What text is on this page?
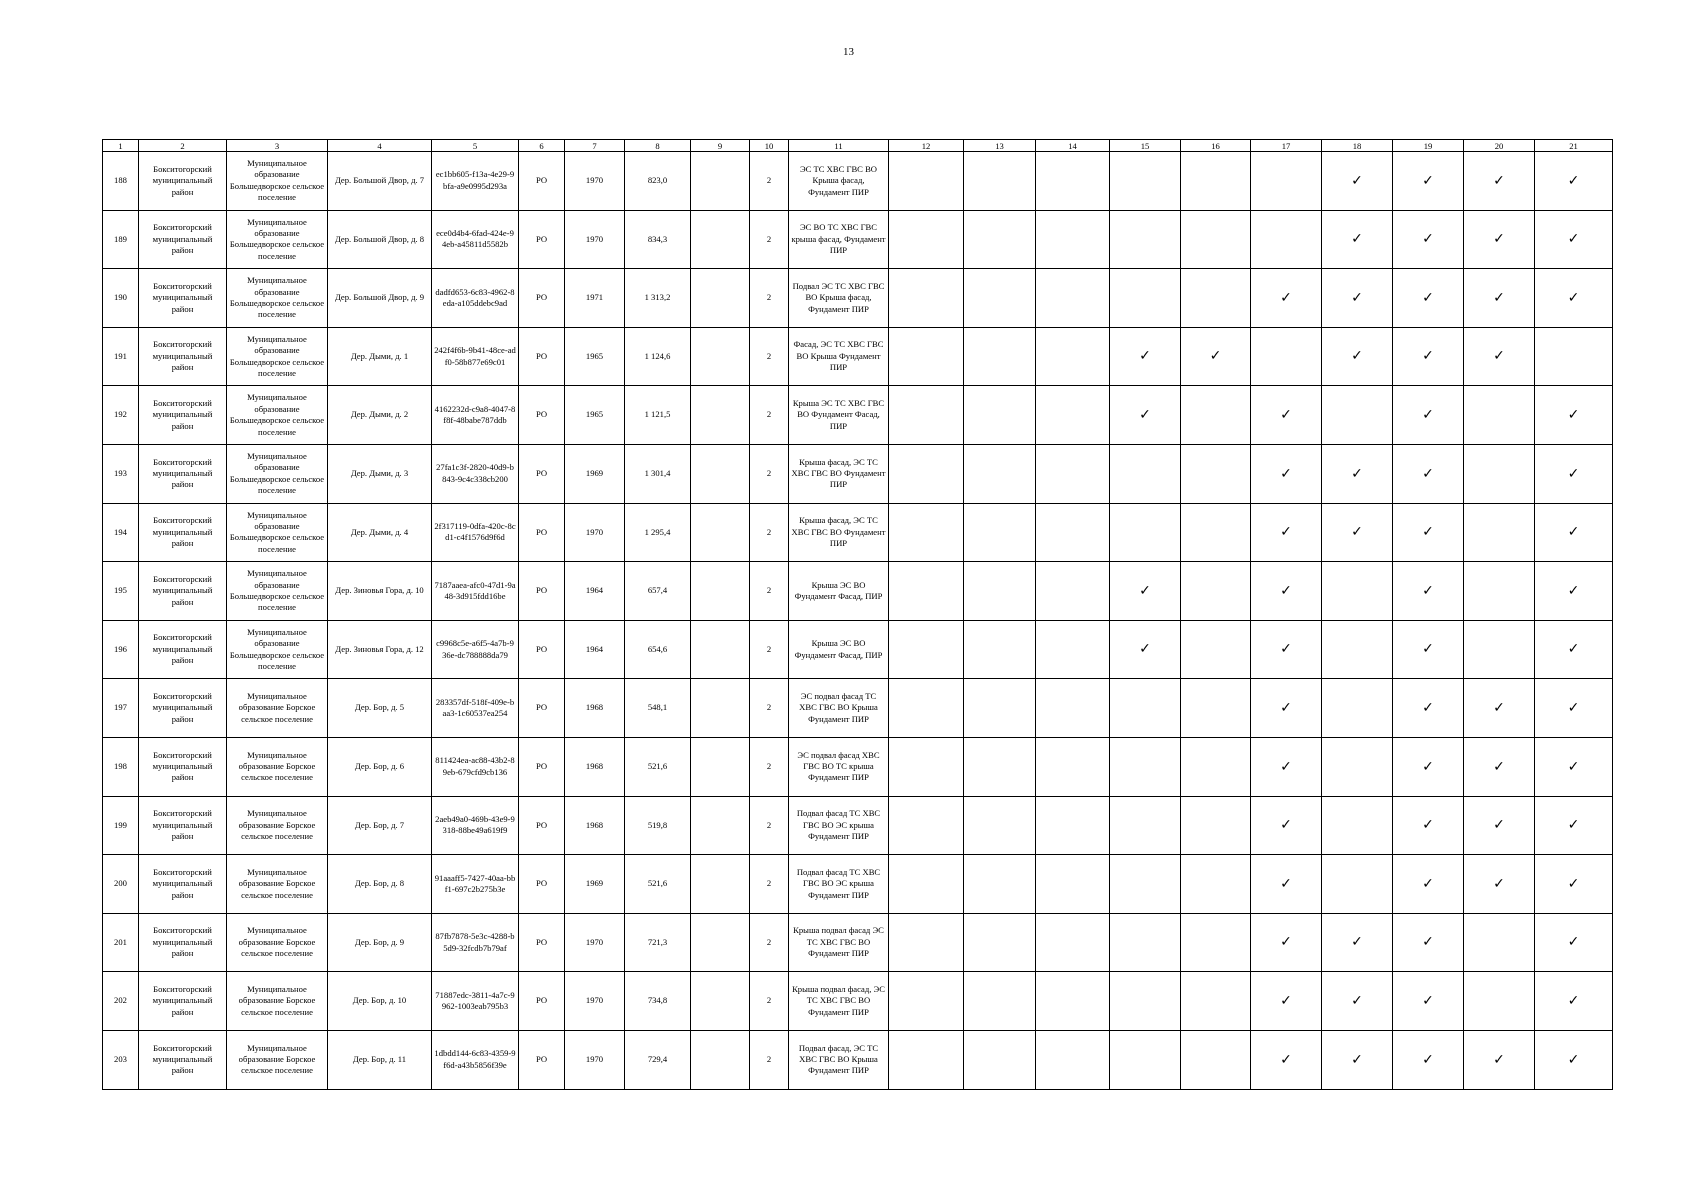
13
1	2	3	4	5	6	7	8	9	10	11	12	13	14	15	16	17	18	19	20	21
188	Бокситогорский муниципальный район	Муниципальное образование Большедворское сельское поселение	Дер. Большой Двор, д. 7	ec1bb605-f13a-4e29-9bfa-a9e0995d293a	РО	1970	823,0		2	ЭС ТС ХВС ГВС ВО Крыша фасад, Фундамент ПИР							✓	✓	✓	✓
189	Бокситогорский муниципальный район	Муниципальное образование Большедворское сельское поселение	Дер. Большой Двор, д. 8	ece0d4b4-6fad-424e-94eb-a45811d5582b	РО	1970	834,3		2	ЭС ВО ТС ХВС ГВС крыша фасад, Фундамент ПИР							✓	✓	✓	✓
190	Бокситогорский муниципальный район	Муниципальное образование Большедворское сельское поселение	Дер. Большой Двор, д. 9	dadfd653-6c83-4962-8eda-a105ddebc9ad	РО	1971	1 313,2		2	Подвал ЭС ТС ХВС ГВС ВО Крыша фасад, Фундамент ПИР						✓	✓	✓	✓	✓
191	Бокситогорский муниципальный район	Муниципальное образование Большедворское сельское поселение	Дер. Дыми, д. 1	242f4f6b-9b41-48ce-adf0-58b877e69c01	РО	1965	1 124,6		2	Фасад, ЭС ТС ХВС ГВС ВО Крыша Фундамент ПИР				✓	✓		✓	✓	✓	
192	Бокситогорский муниципальный район	Муниципальное образование Большедворское сельское поселение	Дер. Дыми, д. 2	4162232d-c9a8-4047-8f8f-48babe787ddb	РО	1965	1 121,5		2	Крыша ЭС ТС ХВС ГВС ВО Фундамент Фасад, ПИР				✓		✓		✓		✓
193	Бокситогорский муниципальный район	Муниципальное образование Большедворское сельское поселение	Дер. Дыми, д. 3	27fa1c3f-2820-40d9-b843-9c4c338cb200	РО	1969	1 301,4		2	Крыша фасад, ЭС ТС ХВС ГВС ВО Фундамент ПИР						✓	✓	✓		✓
194	Бокситогорский муниципальный район	Муниципальное образование Большедворское сельское поселение	Дер. Дыми, д. 4	2f317119-0dfa-420c-8cd1-c4f1576d9f6d	РО	1970	1 295,4		2	Крыша фасад, ЭС ТС ХВС ГВС ВО Фундамент ПИР						✓	✓	✓		✓
195	Бокситогорский муниципальный район	Муниципальное образование Большедворское сельское поселение	Дер. Зиновья Гора, д. 10	7187aaea-afc0-47d1-9a48-3d915fdd16be	РО	1964	657,4		2	Крыша ЭС ВО Фундамент Фасад, ПИР				✓		✓		✓		✓
196	Бокситогорский муниципальный район	Муниципальное образование Большедворское сельское поселение	Дер. Зиновья Гора, д. 12	c9968c5e-a6f5-4a7b-936e-dc788888da79	РО	1964	654,6		2	Крыша ЭС ВО Фундамент Фасад, ПИР				✓		✓		✓		✓
197	Бокситогорский муниципальный район	Муниципальное образование Борское сельское поселение	Дер. Бор, д. 5	283357df-518f-409e-baa3-1c60537ea254	РО	1968	548,1		2	ЭС подвал фасад ТС ХВС ГВС ВО Крыша Фундамент ПИР						✓		✓	✓	✓
198	Бокситогорский муниципальный район	Муниципальное образование Борское сельское поселение	Дер. Бор, д. 6	811424ea-ac88-43b2-89eb-679cfd9cb136	РО	1968	521,6		2	ЭС подвал фасад ХВС ГВС ВО ТС крыша Фундамент ПИР						✓		✓	✓	✓
199	Бокситогорский муниципальный район	Муниципальное образование Борское сельское поселение	Дер. Бор, д. 7	2aeb49a0-469b-43e9-9318-88be49a619f9	РО	1968	519,8		2	Подвал фасад ТС ХВС ГВС ВО ЭС крыша Фундамент ПИР						✓		✓	✓	✓
200	Бокситогорский муниципальный район	Муниципальное образование Борское сельское поселение	Дер. Бор, д. 8	91aaaff5-7427-40aa-bbf1-697c2b275b3e	РО	1969	521,6		2	Подвал фасад ТС ХВС ГВС ВО ЭС крыша Фундамент ПИР						✓		✓	✓	✓
201	Бокситогорский муниципальный район	Муниципальное образование Борское сельское поселение	Дер. Бор, д. 9	87fb7878-5e3c-4288-b5d9-32fcdb7b79af	РО	1970	721,3		2	Крыша подвал фасад ЭС ТС ХВС ГВС ВО Фундамент ПИР						✓	✓	✓		✓
202	Бокситогорский муниципальный район	Муниципальное образование Борское сельское поселение	Дер. Бор, д. 10	71887edc-3811-4a7c-9962-1003eab795b3	РО	1970	734,8		2	Крыша подвал фасад, ЭС ТС ХВС ГВС ВО Фундамент ПИР						✓	✓	✓		✓
203	Бокситогорский муниципальный район	Муниципальное образование Борское сельское поселение	Дер. Бор, д. 11	1dbdd144-6c83-4359-9f6d-a43b5856f39e	РО	1970	729,4		2	Подвал фасад, ЭС ТС ХВС ГВС ВО Крыша Фундамент ПИР						✓	✓	✓	✓	✓
